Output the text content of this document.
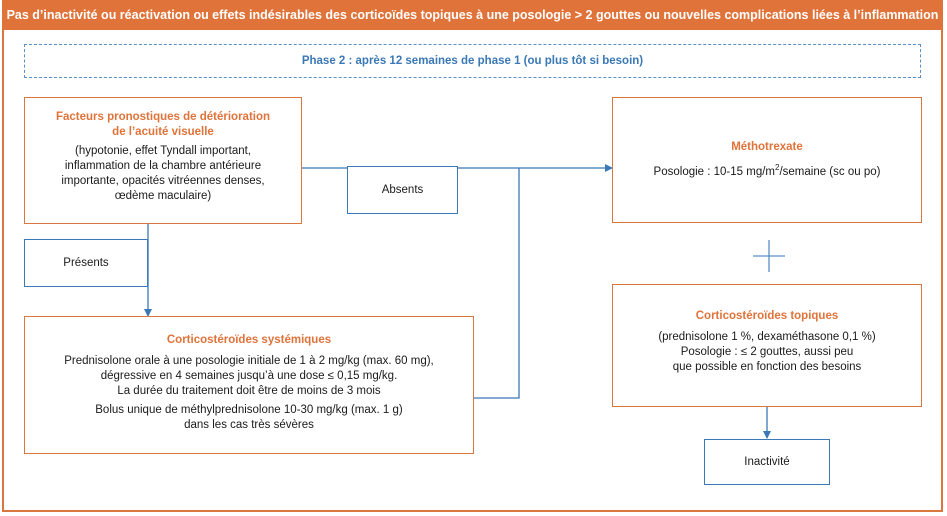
Pas d’inactivité ou réactivation ou effets indésirables des corticoïdes topiques à une posologie > 2 gouttes ou nouvelles complications liées à l’inflammation
Phase 2 : après 12 semaines de phase 1 (ou plus tôt si besoin)
Facteurs pronostiques de détérioration
de l’acuité visuelle
(hypotonie, effet Tyndall important,
inflammation de la chambre antérieure
importante, opacités vitréennes denses,
œdème maculaire)	Absents
Présents
Méthotrexate
Posologie : 10-15 $mg/m^2$/semaine (sc ou po)
Corticostéroïdes topiques
(prednisolone 1 %, dexaméthasone 0,1 %)
Posologie : ≤ 2 gouttes, aussi peu
que possible en fonction des besoins
Inactivité
Corticostéroïdes systémiques
Prednisolone orale à une posologie initiale de 1 à 2 mg/kg (max. 60 mg),
dégressive en 4 semaines jusqu’à une dose ≤ 0,15 mg/kg.
La durée du traitement doit être de moins de 3 mois
Bolus unique de méthylprednisolone 10-30 mg/kg (max. 1 g)
dans les cas très sévères
